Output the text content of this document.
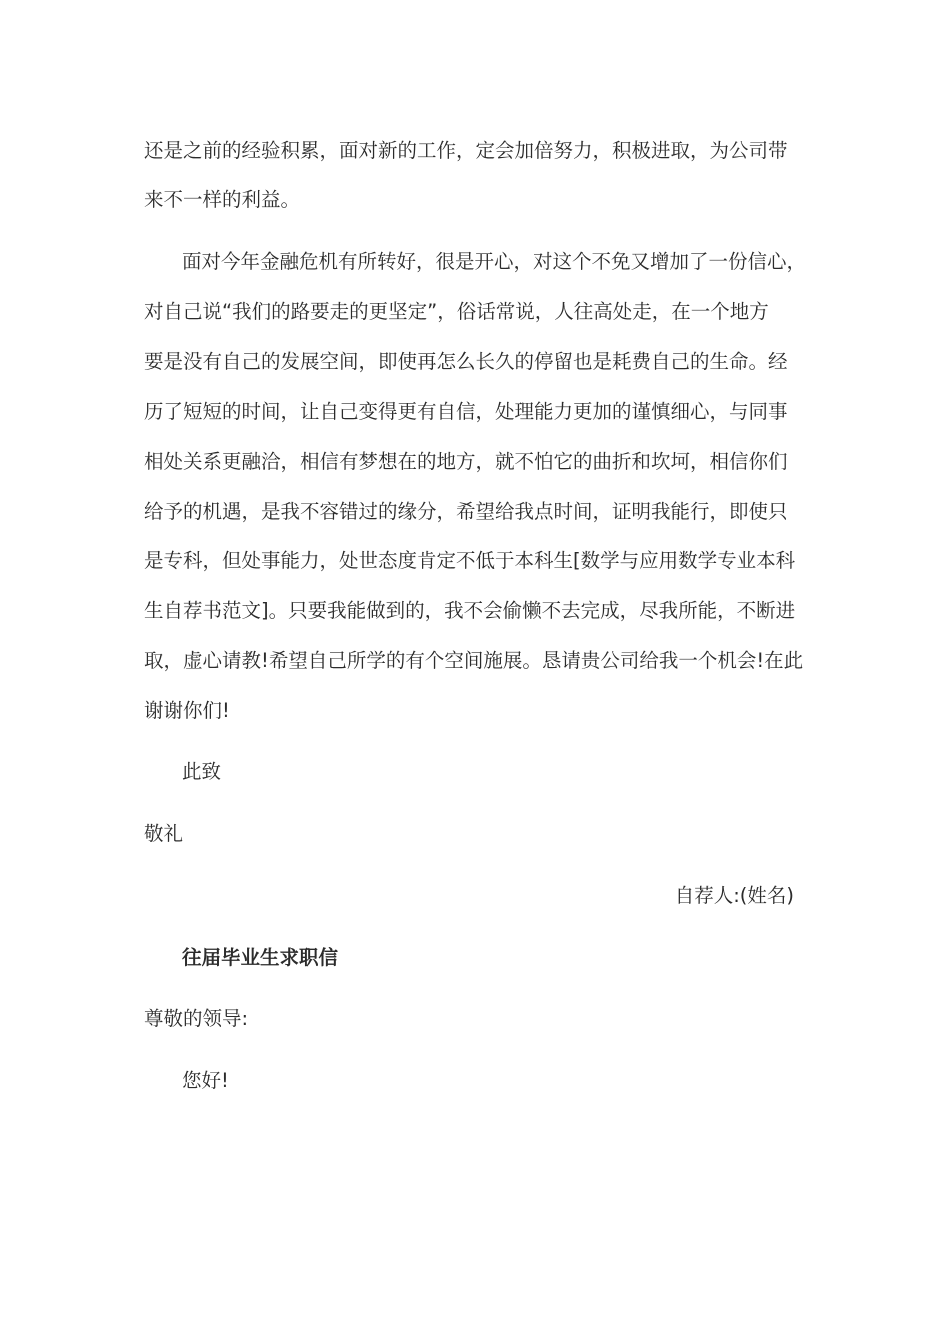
还是之前的经验积累，面对新的工作，定会加倍努力，积极进取，为公司带
来不一样的利益。
面对今年金融危机有所转好，很是开心，对这个不免又增加了一份信心，
对自己说“我们的路要走的更坚定”，俗话常说，人往高处走，在一个地方
要是没有自己的发展空间，即使再怎么长久的停留也是耗费自己的生命。经
历了短短的时间，让自己变得更有自信，处理能力更加的谨慎细心，与同事
相处关系更融洽，相信有梦想在的地方，就不怕它的曲折和坎坷，相信你们
给予的机遇，是我不容错过的缘分，希望给我点时间，证明我能行，即使只
是专科，但处事能力，处世态度肯定不低于本科生[数学与应用数学专业本科
生自荐书范文]。只要我能做到的，我不会偷懒不去完成，尽我所能，不断进
取，虚心请教!希望自己所学的有个空间施展。恳请贵公司给我一个机会!在此
谢谢你们!
此致
敬礼
自荐人:(姓名)
往届毕业生求职信
尊敬的领导:
您好!
